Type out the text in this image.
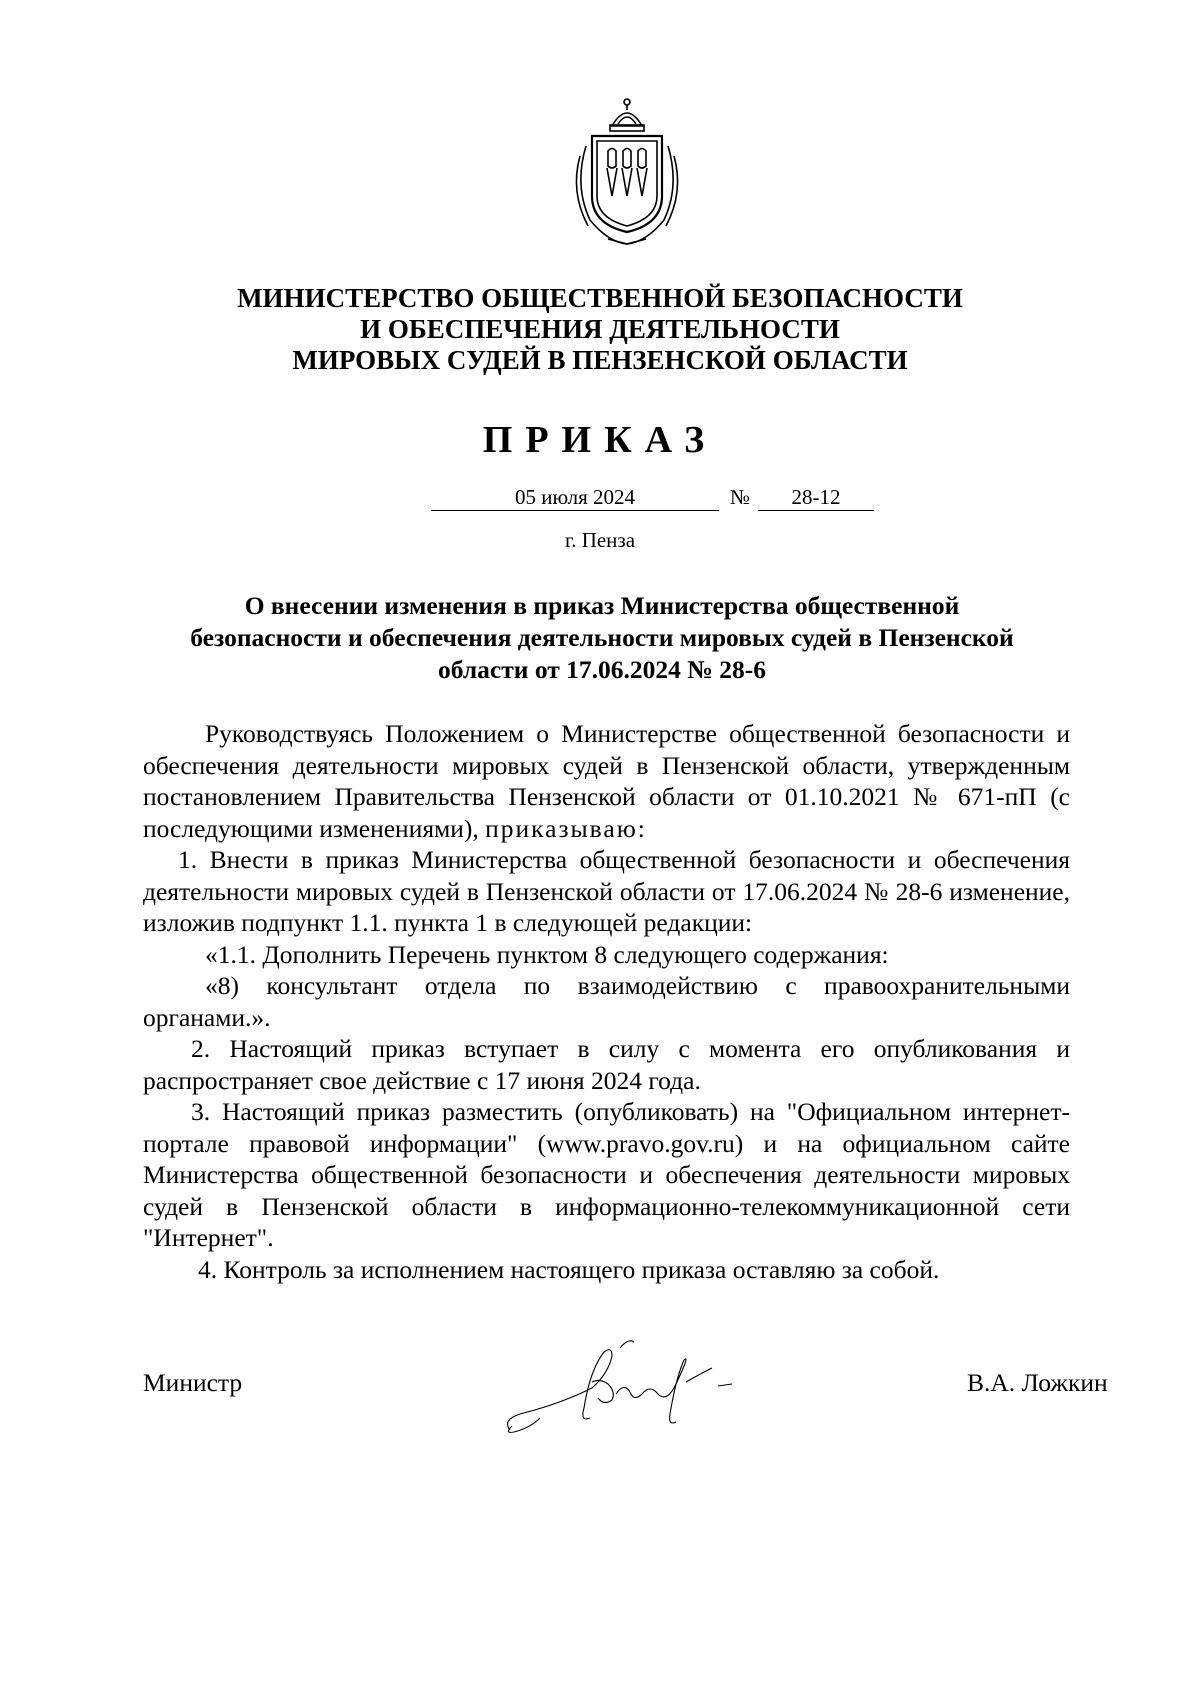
МИНИСТЕРСТВО ОБЩЕСТВЕННОЙ БЕЗОПАСНОСТИ
И ОБЕСПЕЧЕНИЯ ДЕЯТЕЛЬНОСТИ
МИРОВЫХ СУДЕЙ В ПЕНЗЕНСКОЙ ОБЛАСТИ
ПРИКАЗ
05 июля 2024	№	28-12
г. Пенза
О внесении изменения в приказ Министерства общественной
безопасности и обеспечения деятельности мировых судей в Пензенской
области от 17.06.2024 № 28-6

Руководствуясь Положением о Министерстве общественной безопасности и обеспечения деятельности мировых судей в Пензенской области, утвержденным постановлением Правительства Пензенской области от 01.10.2021 № 671-пП (с последующими изменениями), приказываю:

1. Внести в приказ Министерства общественной безопасности и обеспечения деятельности мировых судей в Пензенской области от 17.06.2024 № 28-6 изменение, изложив подпункт 1.1. пункта 1 в следующей редакции:

«1.1. Дополнить Перечень пунктом 8 следующего содержания:

«8) консультант отдела по взаимодействию с правоохранительными органами.».

2. Настоящий приказ вступает в силу с момента его опубликования и распространяет свое действие с 17 июня 2024 года.

3. Настоящий приказ разместить (опубликовать) на "Официальном интернет-портале правовой информации" (www.pravo.gov.ru) и на официальном сайте Министерства общественной безопасности и обеспечения деятельности мировых судей в Пензенской области в информационно-телекоммуникационной сети "Интернет".

4. Контроль за исполнением настоящего приказа оставляю за собой.

Министр	В.А. Ложкин
